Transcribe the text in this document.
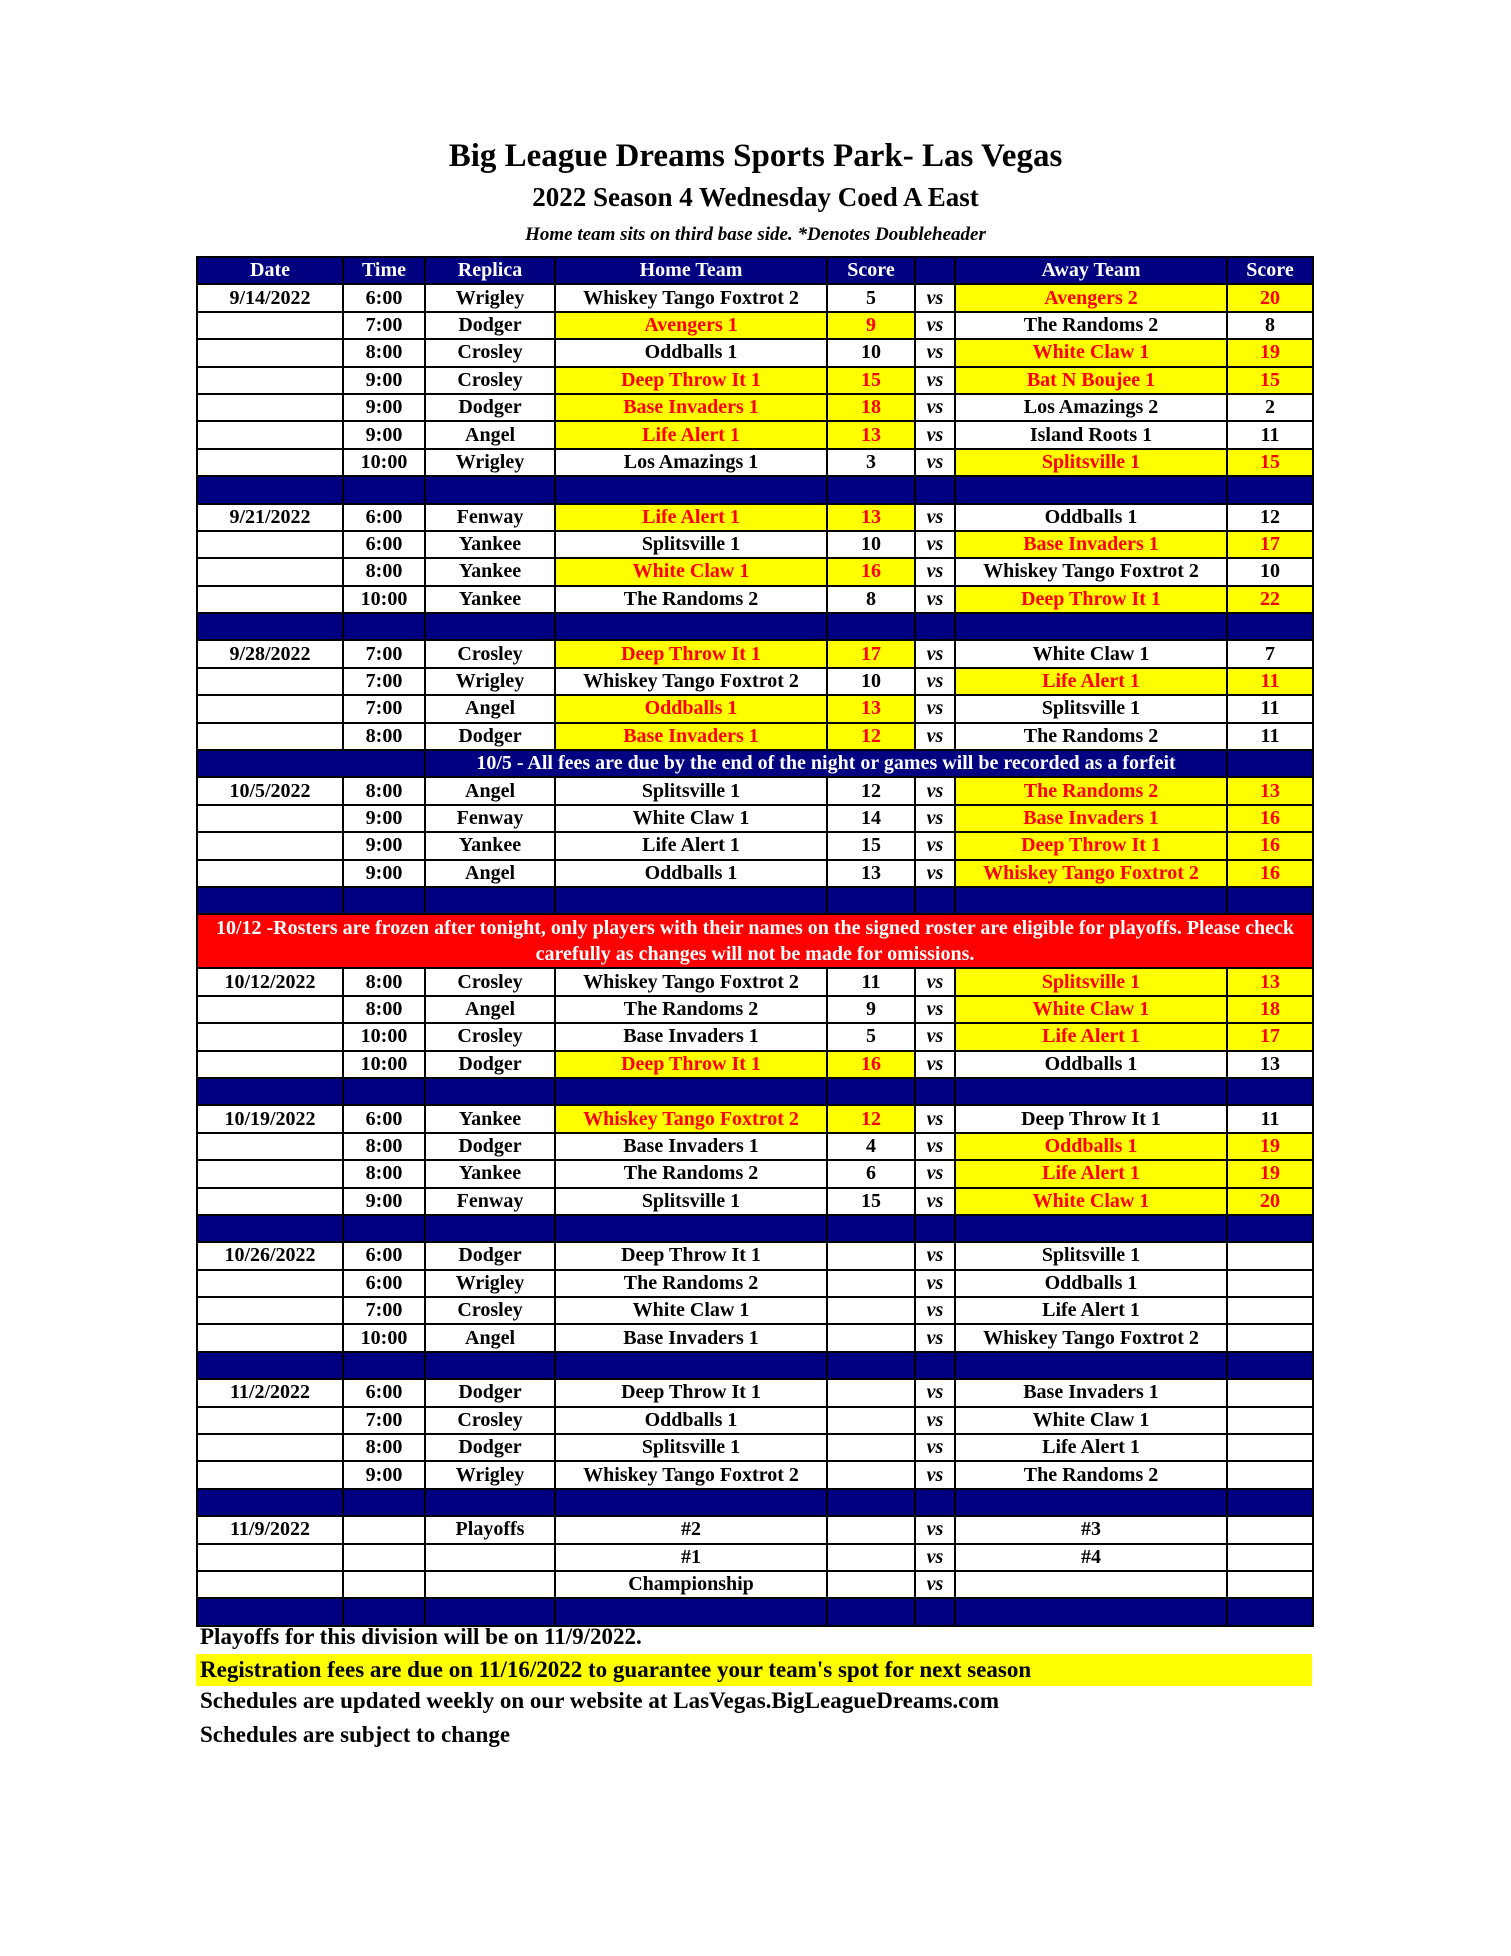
Big League Dreams Sports Park- Las Vegas
2022 Season 4 Wednesday Coed A East
Home team sits on third base side. *Denotes Doubleheader
Date	Time	Replica	Home Team	Score		Away Team	Score
9/14/2022	6:00	Wrigley	Whiskey Tango Foxtrot 2	5	vs	Avengers 2	20
	7:00	Dodger	Avengers 1	9	vs	The Randoms 2	8
	8:00	Crosley	Oddballs 1	10	vs	White Claw 1	19
	9:00	Crosley	Deep Throw It 1	15	vs	Bat N Boujee 1	15
	9:00	Dodger	Base Invaders 1	18	vs	Los Amazings 2	2
	9:00	Angel	Life Alert 1	13	vs	Island Roots 1	11
	10:00	Wrigley	Los Amazings 1	3	vs	Splitsville 1	15

9/21/2022	6:00	Fenway	Life Alert 1	13	vs	Oddballs 1	12
	6:00	Yankee	Splitsville 1	10	vs	Base Invaders 1	17
	8:00	Yankee	White Claw 1	16	vs	Whiskey Tango Foxtrot 2	10
	10:00	Yankee	The Randoms 2	8	vs	Deep Throw It 1	22

9/28/2022	7:00	Crosley	Deep Throw It 1	17	vs	White Claw 1	7
	7:00	Wrigley	Whiskey Tango Foxtrot 2	10	vs	Life Alert 1	11
	7:00	Angel	Oddballs 1	13	vs	Splitsville 1	11
	8:00	Dodger	Base Invaders 1	12	vs	The Randoms 2	11
		10/5 - All fees are due by the end of the night or games will be recorded as a forfeit					
10/5/2022	8:00	Angel	Splitsville 1	12	vs	The Randoms 2	13
	9:00	Fenway	White Claw 1	14	vs	Base Invaders 1	16
	9:00	Yankee	Life Alert 1	15	vs	Deep Throw It 1	16
	9:00	Angel	Oddballs 1	13	vs	Whiskey Tango Foxtrot 2	16

10/12 -Rosters are frozen after tonight, only players with their names on the signed roster are eligible for playoffs. Please check carefully as changes will not be made for omissions.							
10/12/2022	8:00	Crosley	Whiskey Tango Foxtrot 2	11	vs	Splitsville 1	13
	8:00	Angel	The Randoms 2	9	vs	White Claw 1	18
	10:00	Crosley	Base Invaders 1	5	vs	Life Alert 1	17
	10:00	Dodger	Deep Throw It 1	16	vs	Oddballs 1	13

10/19/2022	6:00	Yankee	Whiskey Tango Foxtrot 2	12	vs	Deep Throw It 1	11
	8:00	Dodger	Base Invaders 1	4	vs	Oddballs 1	19
	8:00	Yankee	The Randoms 2	6	vs	Life Alert 1	19
	9:00	Fenway	Splitsville 1	15	vs	White Claw 1	20

10/26/2022	6:00	Dodger	Deep Throw It 1		vs	Splitsville 1	
	6:00	Wrigley	The Randoms 2		vs	Oddballs 1	
	7:00	Crosley	White Claw 1		vs	Life Alert 1	
	10:00	Angel	Base Invaders 1		vs	Whiskey Tango Foxtrot 2	

11/2/2022	6:00	Dodger	Deep Throw It 1		vs	Base Invaders 1	
	7:00	Crosley	Oddballs 1		vs	White Claw 1	
	8:00	Dodger	Splitsville 1		vs	Life Alert 1	
	9:00	Wrigley	Whiskey Tango Foxtrot 2		vs	The Randoms 2	

11/9/2022		Playoffs	#2		vs	#3	
			#1		vs	#4	
			Championship		vs		

Playoffs for this division will be on 11/9/2022.
Registration fees are due on 11/16/2022 to guarantee your team's spot for next season
Schedules are updated weekly on our website at LasVegas.BigLeagueDreams.com
Schedules are subject to change
